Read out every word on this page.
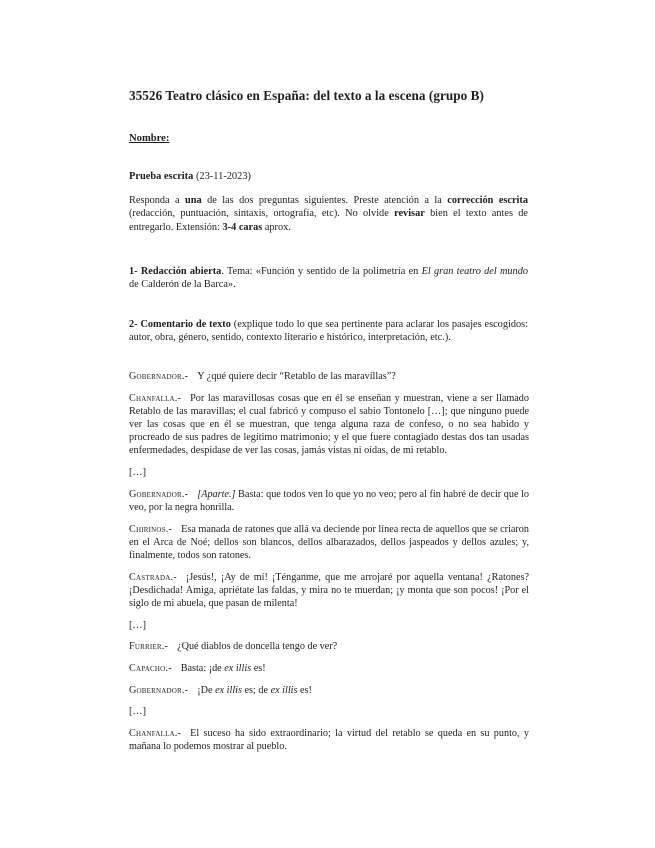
35526 Teatro clásico en España: del texto a la escena (grupo B)
Nombre:
Prueba escrita (23-11-2023)

Responda a una de las dos preguntas siguientes. Preste atención a la corrección escrita (redacción, puntuación, sintaxis, ortografía, etc). No olvide revisar bien el texto antes de entregarlo. Extensión: 3-4 caras aprox.

1- Redacción abierta. Tema: «Función y sentido de la polimetría en El gran teatro del mundo de Calderón de la Barca».

2- Comentario de texto (explique todo lo que sea pertinente para aclarar los pasajes escogidos: autor, obra, género, sentido, contexto literario e histórico, interpretación, etc.).

Gobernador.- Y ¿qué quiere decir “Retablo de las maravillas”?

Chanfalla.- Por las maravillosas cosas que en él se enseñan y muestran, viene a ser llamado Retablo de las maravillas; el cual fabricó y compuso el sabio Tontonelo […]; que ninguno puede ver las cosas que en él se muestran, que tenga alguna raza de confeso, o no sea habido y procreado de sus padres de legítimo matrimonio; y el que fuere contagiado destas dos tan usadas enfermedades, despídase de ver las cosas, jamás vistas ni oídas, de mi retablo.

[…]

Gobernador.- [Aparte.] Basta: que todos ven lo que yo no veo; pero al fin habré de decir que lo veo, por la negra honrilla.

Chirinos.- Esa manada de ratones que allá va deciende por línea recta de aquellos que se criaron en el Arca de Noé; dellos son blancos, dellos albarazados, dellos jaspeados y dellos azules; y, finalmente, todos son ratones.

Castrada.- ¡Jesús!, ¡Ay de mí! ¡Ténganme, que me arrojaré por aquella ventana! ¿Ratones? ¡Desdichada! Amiga, apriétate las faldas, y mira no te muerdan; ¡y monta que son pocos! ¡Por el siglo de mi abuela, que pasan de milenta!

[…]

Furrier.- ¿Qué diablos de doncella tengo de ver?

Capacho.- Basta: ¡de ex illis es!

Gobernador.- ¡De ex illis es; de ex illis es!

[…]

Chanfalla.- El suceso ha sido extraordinario; la virtud del retablo se queda en su punto, y mañana lo podemos mostrar al pueblo.
